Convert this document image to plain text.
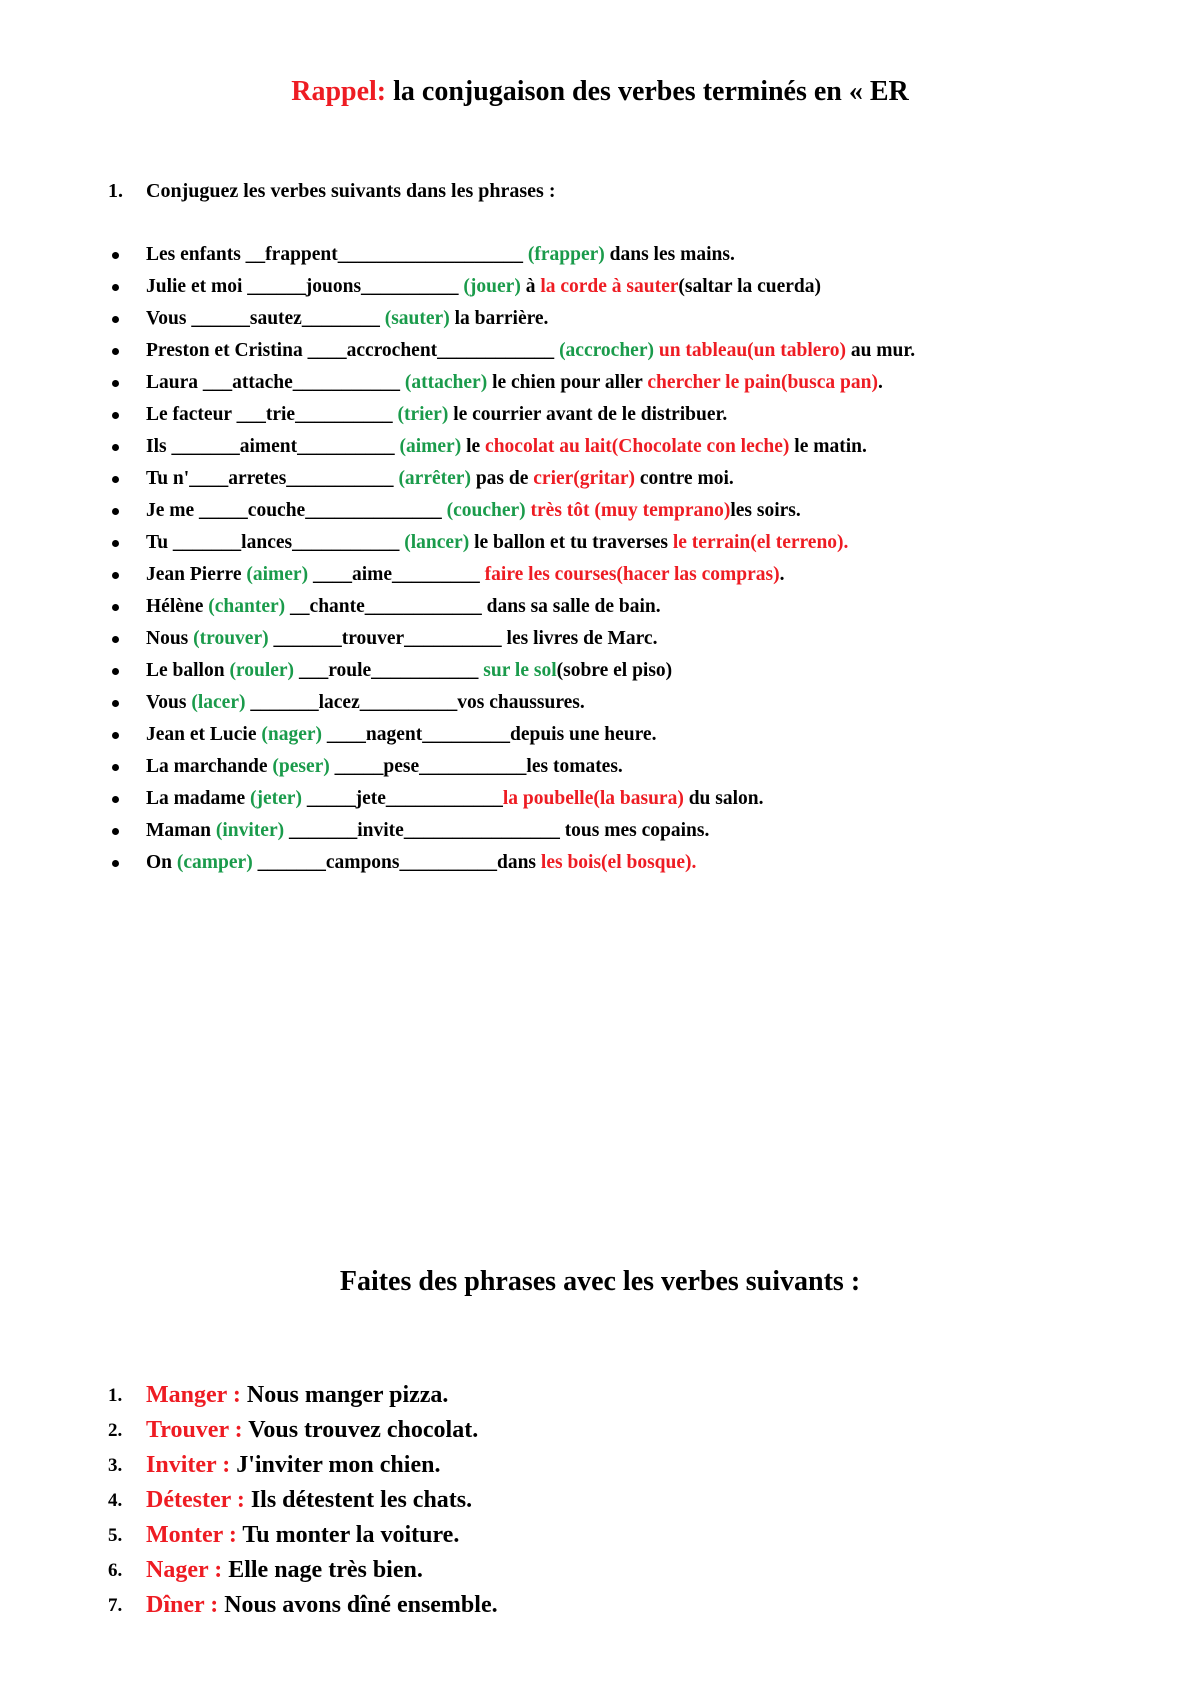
Rappel: la conjugaison des verbes terminés en « ER
1. Conjuguez les verbes suivants dans les phrases :
Les enfants __frappent___________________ (frapper) dans les mains.
Julie et moi ______jouons__________ (jouer) à la corde à sauter(saltar la cuerda)
Vous ______sautez________ (sauter) la barrière.
Preston et Cristina ____accrochent____________ (accrocher) un tableau(un tablero) au mur.
Laura ___attache___________ (attacher) le chien pour aller chercher le pain(busca pan).
Le facteur ___trie__________ (trier) le courrier avant de le distribuer.
Ils _______aiment__________ (aimer) le chocolat au lait(Chocolate con leche) le matin.
Tu n'____arretes___________ (arrêter) pas de crier(gritar) contre moi.
Je me _____couche______________ (coucher) très tôt (muy temprano)les soirs.
Tu _______lances___________ (lancer) le ballon et tu traverses le terrain(el terreno).
Jean Pierre (aimer) ____aime_________ faire les courses(hacer las compras).
Hélène (chanter) __chante____________ dans sa salle de bain.
Nous (trouver) _______trouver__________ les livres de Marc.
Le ballon (rouler) ___roule___________ sur le sol(sobre el piso)
Vous (lacer) _______lacez__________vos chaussures.
Jean et Lucie (nager) ____nagent_________depuis une heure.
La marchande (peser) _____pese___________les tomates.
La madame (jeter) _____jete____________la poubelle(la basura) du salon.
Maman (inviter) _______invite________________ tous mes copains.
On (camper) _______campons__________dans les bois(el bosque).
Faites des phrases avec les verbes suivants :
1. Manger : Nous manger pizza.
2. Trouver : Vous trouvez chocolat.
3. Inviter : J'inviter mon chien.
4. Détester : Ils détestent les chats.
5. Monter : Tu monter la voiture.
6. Nager : Elle nage très bien.
7. Dîner : Nous avons dîné ensemble.
